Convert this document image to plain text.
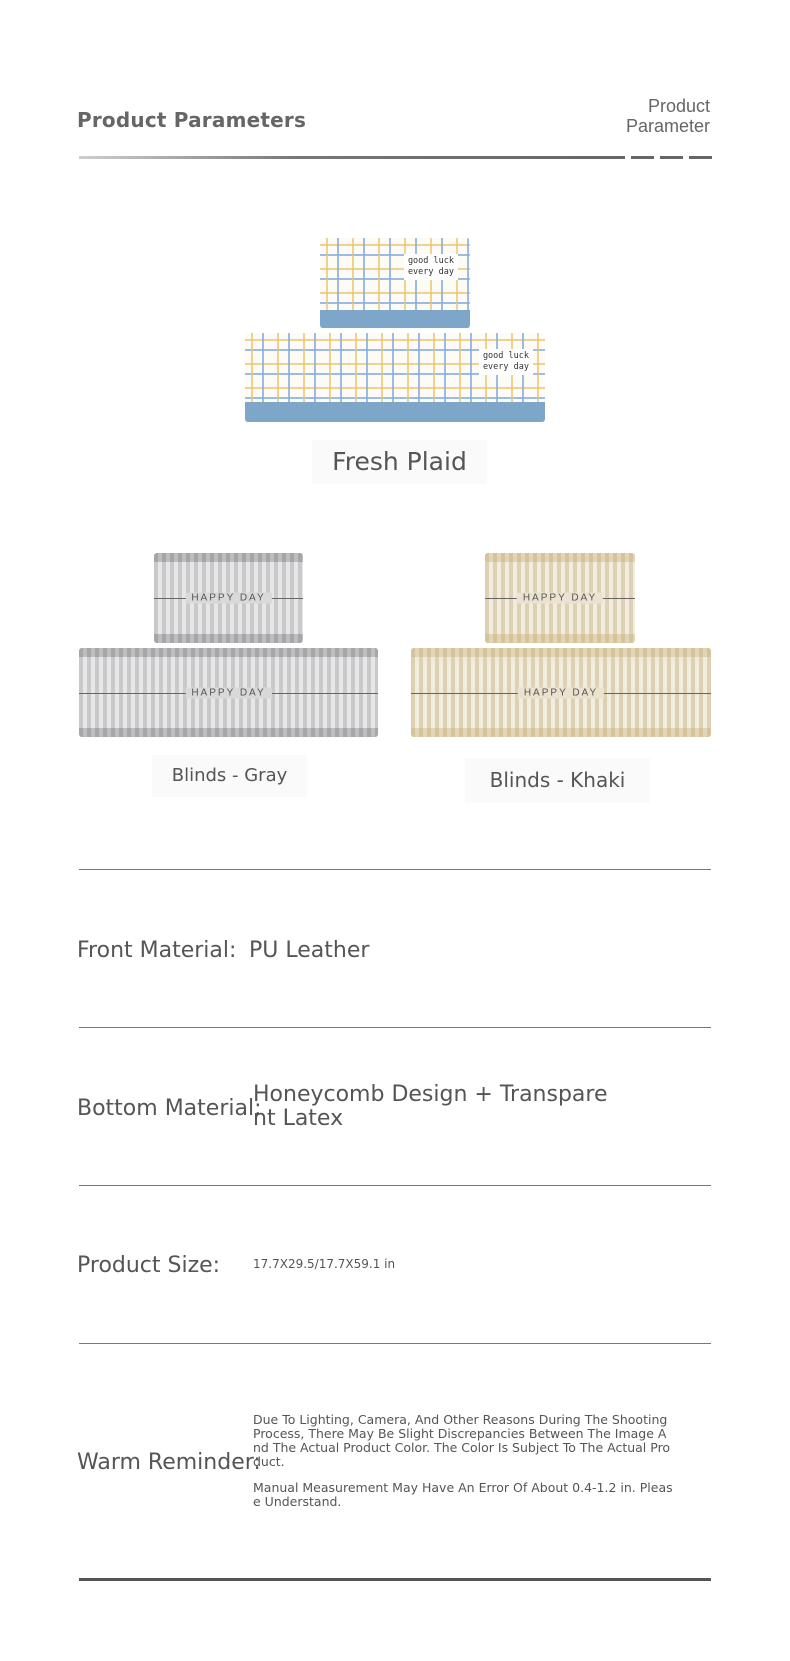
Product Parameters
Product
Parameter
good luck
every day
good luck
every day
Fresh Plaid
HAPPY DAY
HAPPY DAY
Blinds - Gray
HAPPY DAY
HAPPY DAY
Blinds - Khaki
Front Material: PU Leather
Bottom Material:
Honeycomb Design + Transpare
nt Latex
Product Size:	17.7X29.5/17.7X59.1 in
Warm Reminder:
Due To Lighting, Camera, And Other Reasons During The Shooting Process, There May Be Slight Discrepancies Between The Image And The Actual Product Color. The Color Is Subject To The Actual Product.
Manual Measurement May Have An Error Of About 0.4-1.2 in. Please Understand.
